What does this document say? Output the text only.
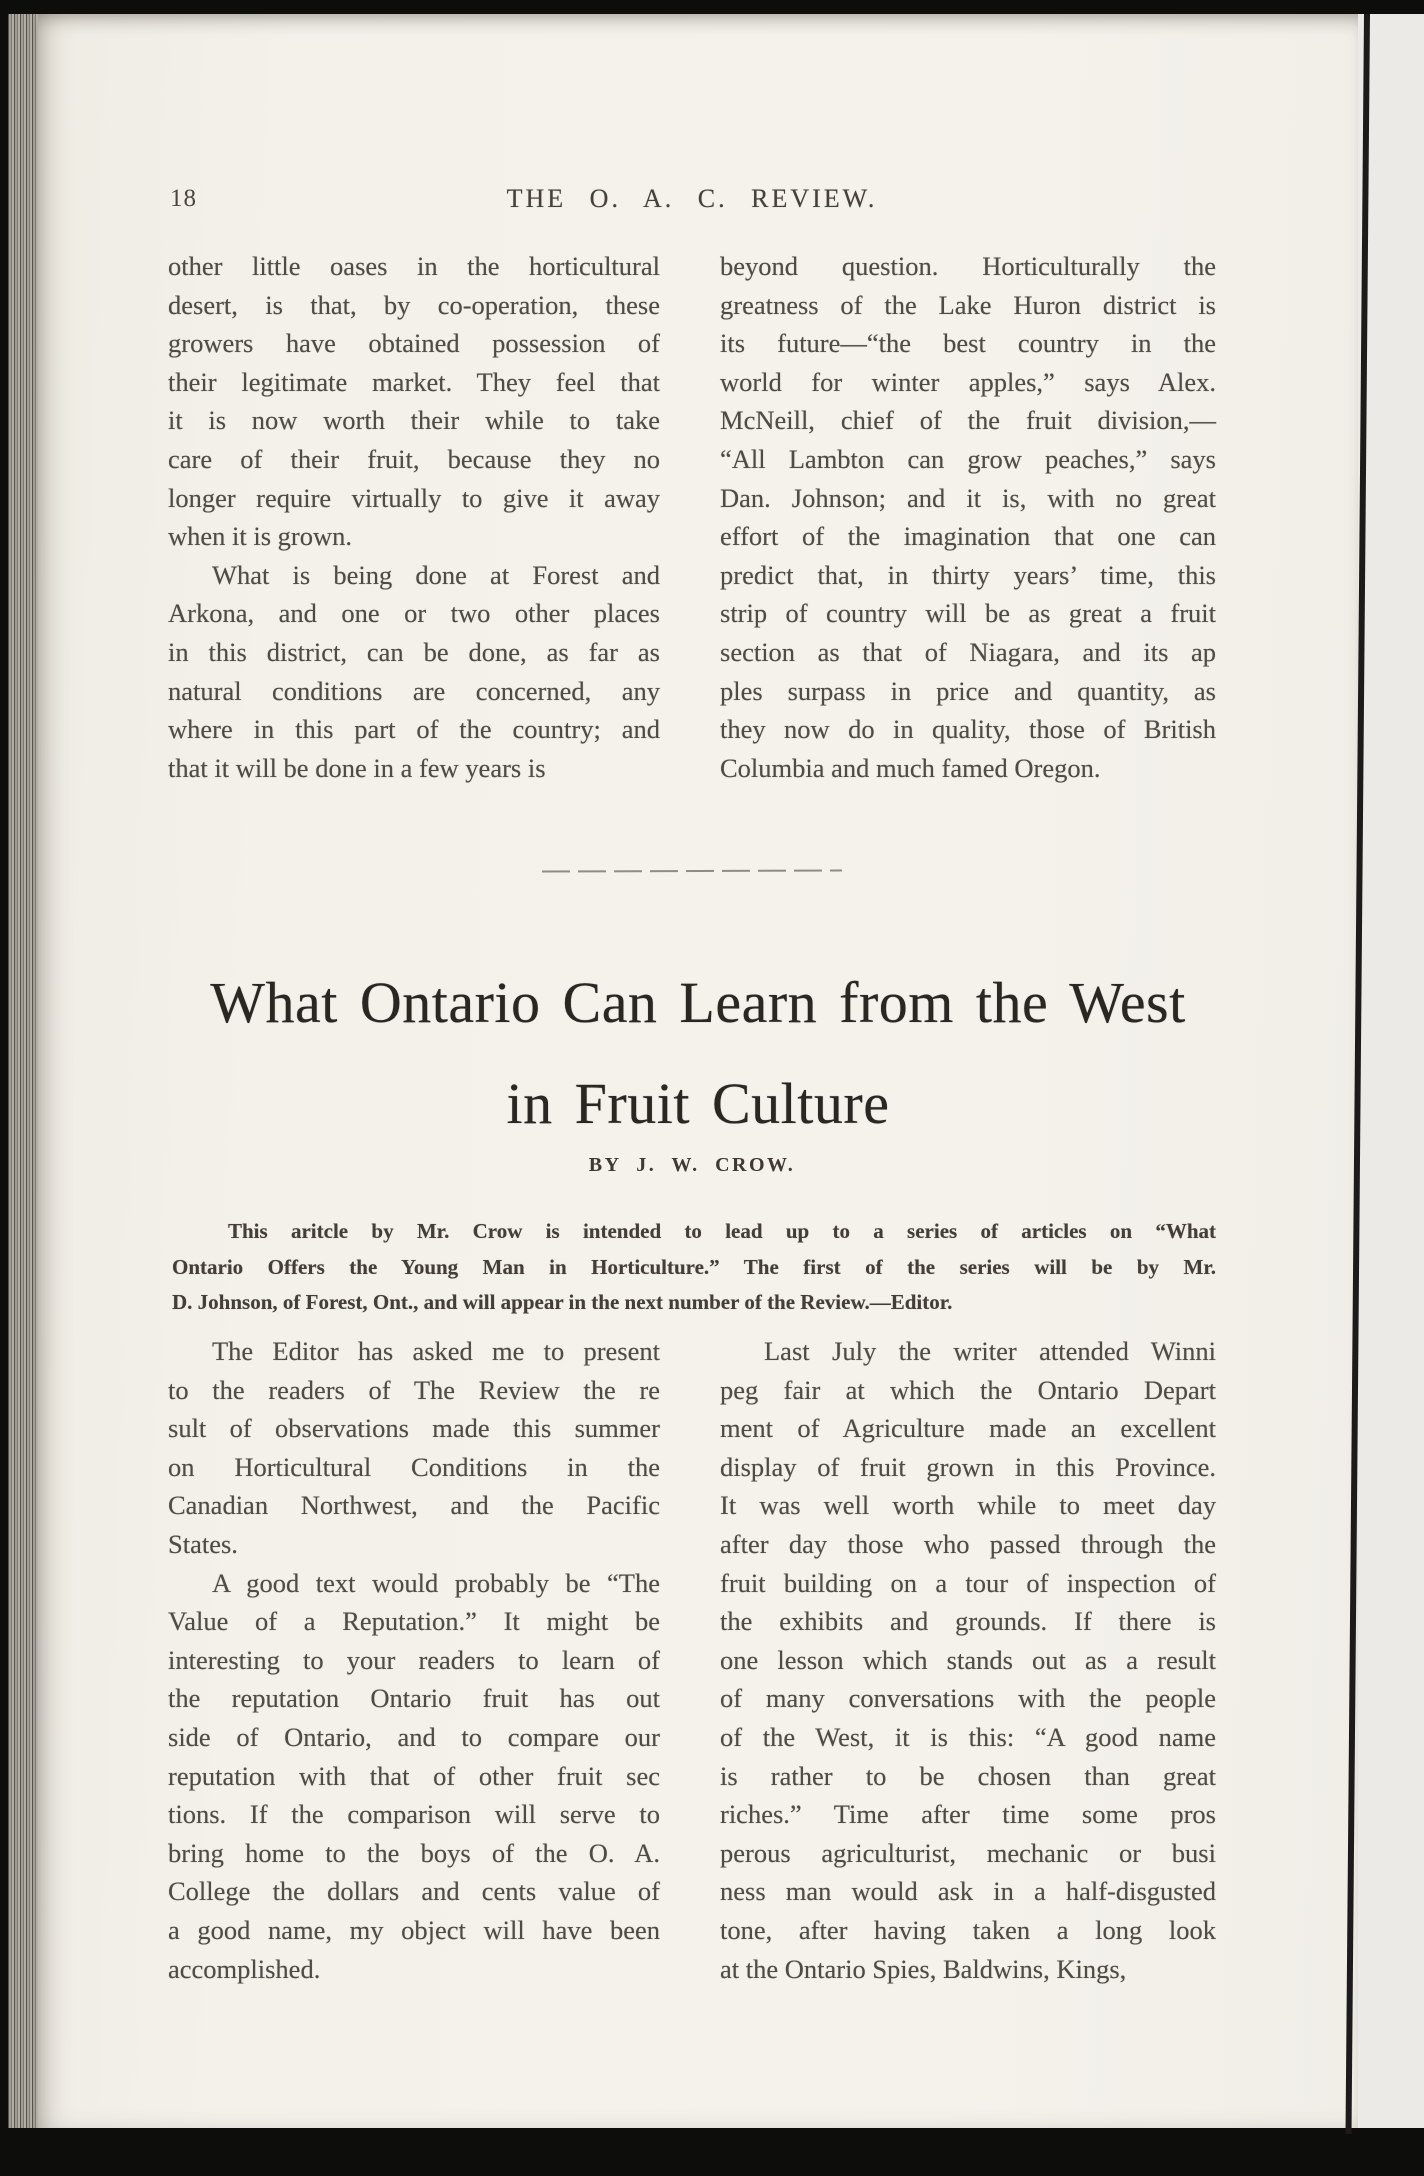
18	THE O. A. C. REVIEW.
other little oases in the horticultural
desert, is that, by co-operation, these
growers have obtained possession of
their legitimate market. They feel that
it is now worth their while to take
care of their fruit, because they no
longer require virtually to give it away
when it is grown.
What is being done at Forest and
Arkona, and one or two other places
in this district, can be done, as far as
natural conditions are concerned, any
where in this part of the country; and
that it will be done in a few years is
beyond question. Horticulturally the
greatness of the Lake Huron district is
its future—“the best country in the
world for winter apples,” says Alex.
McNeill, chief of the fruit division,—
“All Lambton can grow peaches,” says
Dan. Johnson; and it is, with no great
effort of the imagination that one can
predict that, in thirty years’ time, this
strip of country will be as great a fruit
section as that of Niagara, and its ap
ples surpass in price and quantity, as
they now do in quality, those of British
Columbia and much famed Oregon.
What Ontario Can Learn from the West
in Fruit Culture
BY J. W. CROW.
This aritcle by Mr. Crow is intended to lead up to a series of articles on “What
Ontario Offers the Young Man in Horticulture.” The first of the series will be by Mr.
D. Johnson, of Forest, Ont., and will appear in the next number of the Review.—Editor.
The Editor has asked me to present
to the readers of The Review the re
sult of observations made this summer
on Horticultural Conditions in the
Canadian Northwest, and the Pacific
States.
A good text would probably be “The
Value of a Reputation.” It might be
interesting to your readers to learn of
the reputation Ontario fruit has out
side of Ontario, and to compare our
reputation with that of other fruit sec
tions. If the comparison will serve to
bring home to the boys of the O. A.
College the dollars and cents value of
a good name, my object will have been
accomplished.
Last July the writer attended Winni
peg fair at which the Ontario Depart
ment of Agriculture made an excellent
display of fruit grown in this Province.
It was well worth while to meet day
after day those who passed through the
fruit building on a tour of inspection of
the exhibits and grounds. If there is
one lesson which stands out as a result
of many conversations with the people
of the West, it is this: “A good name
is rather to be chosen than great
riches.” Time after time some pros
perous agriculturist, mechanic or busi
ness man would ask in a half-disgusted
tone, after having taken a long look
at the Ontario Spies, Baldwins, Kings,
